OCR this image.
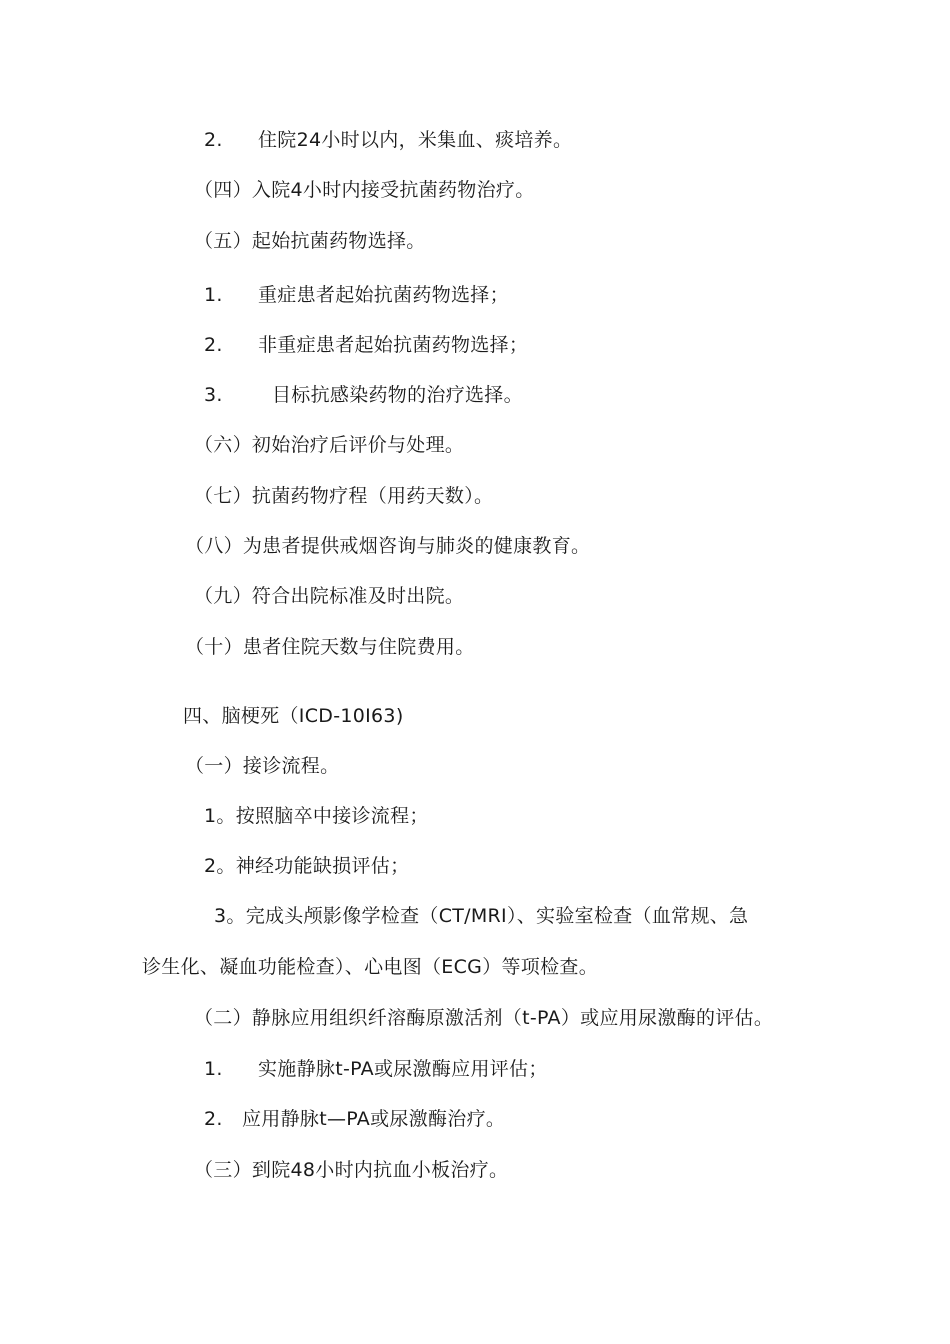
2. 住院24小时以内，米集血、痰培养。
（四）入院4小时内接受抗菌药物治疗。
（五）起始抗菌药物选择。
1. 重症患者起始抗菌药物选择；
2. 非重症患者起始抗菌药物选择；
3.	目标抗感染药物的治疗选择。
（六）初始治疗后评价与处理。
（七）抗菌药物疗程（用药天数）。
（八）为患者提供戒烟咨询与肺炎的健康教育。
（九）符合出院标准及时出院。
（十）患者住院天数与住院费用。
四、脑梗死（ICD-10I63)
（一）接诊流程。
1。按照脑卒中接诊流程；
2。神经功能缺损评估；
3。完成头颅影像学检查（CT/MRI）、实验室检查（血常规、急
诊生化、凝血功能检查）、心电图（ECG）等项检查。
（二）静脉应用组织纤溶酶原激活剂（t-PA）或应用尿激酶的评估。
1. 实施静脉t-PA或尿激酶应用评估；
2. 应用静脉t—PA或尿激酶治疗。
（三）到院48小时内抗血小板治疗。
